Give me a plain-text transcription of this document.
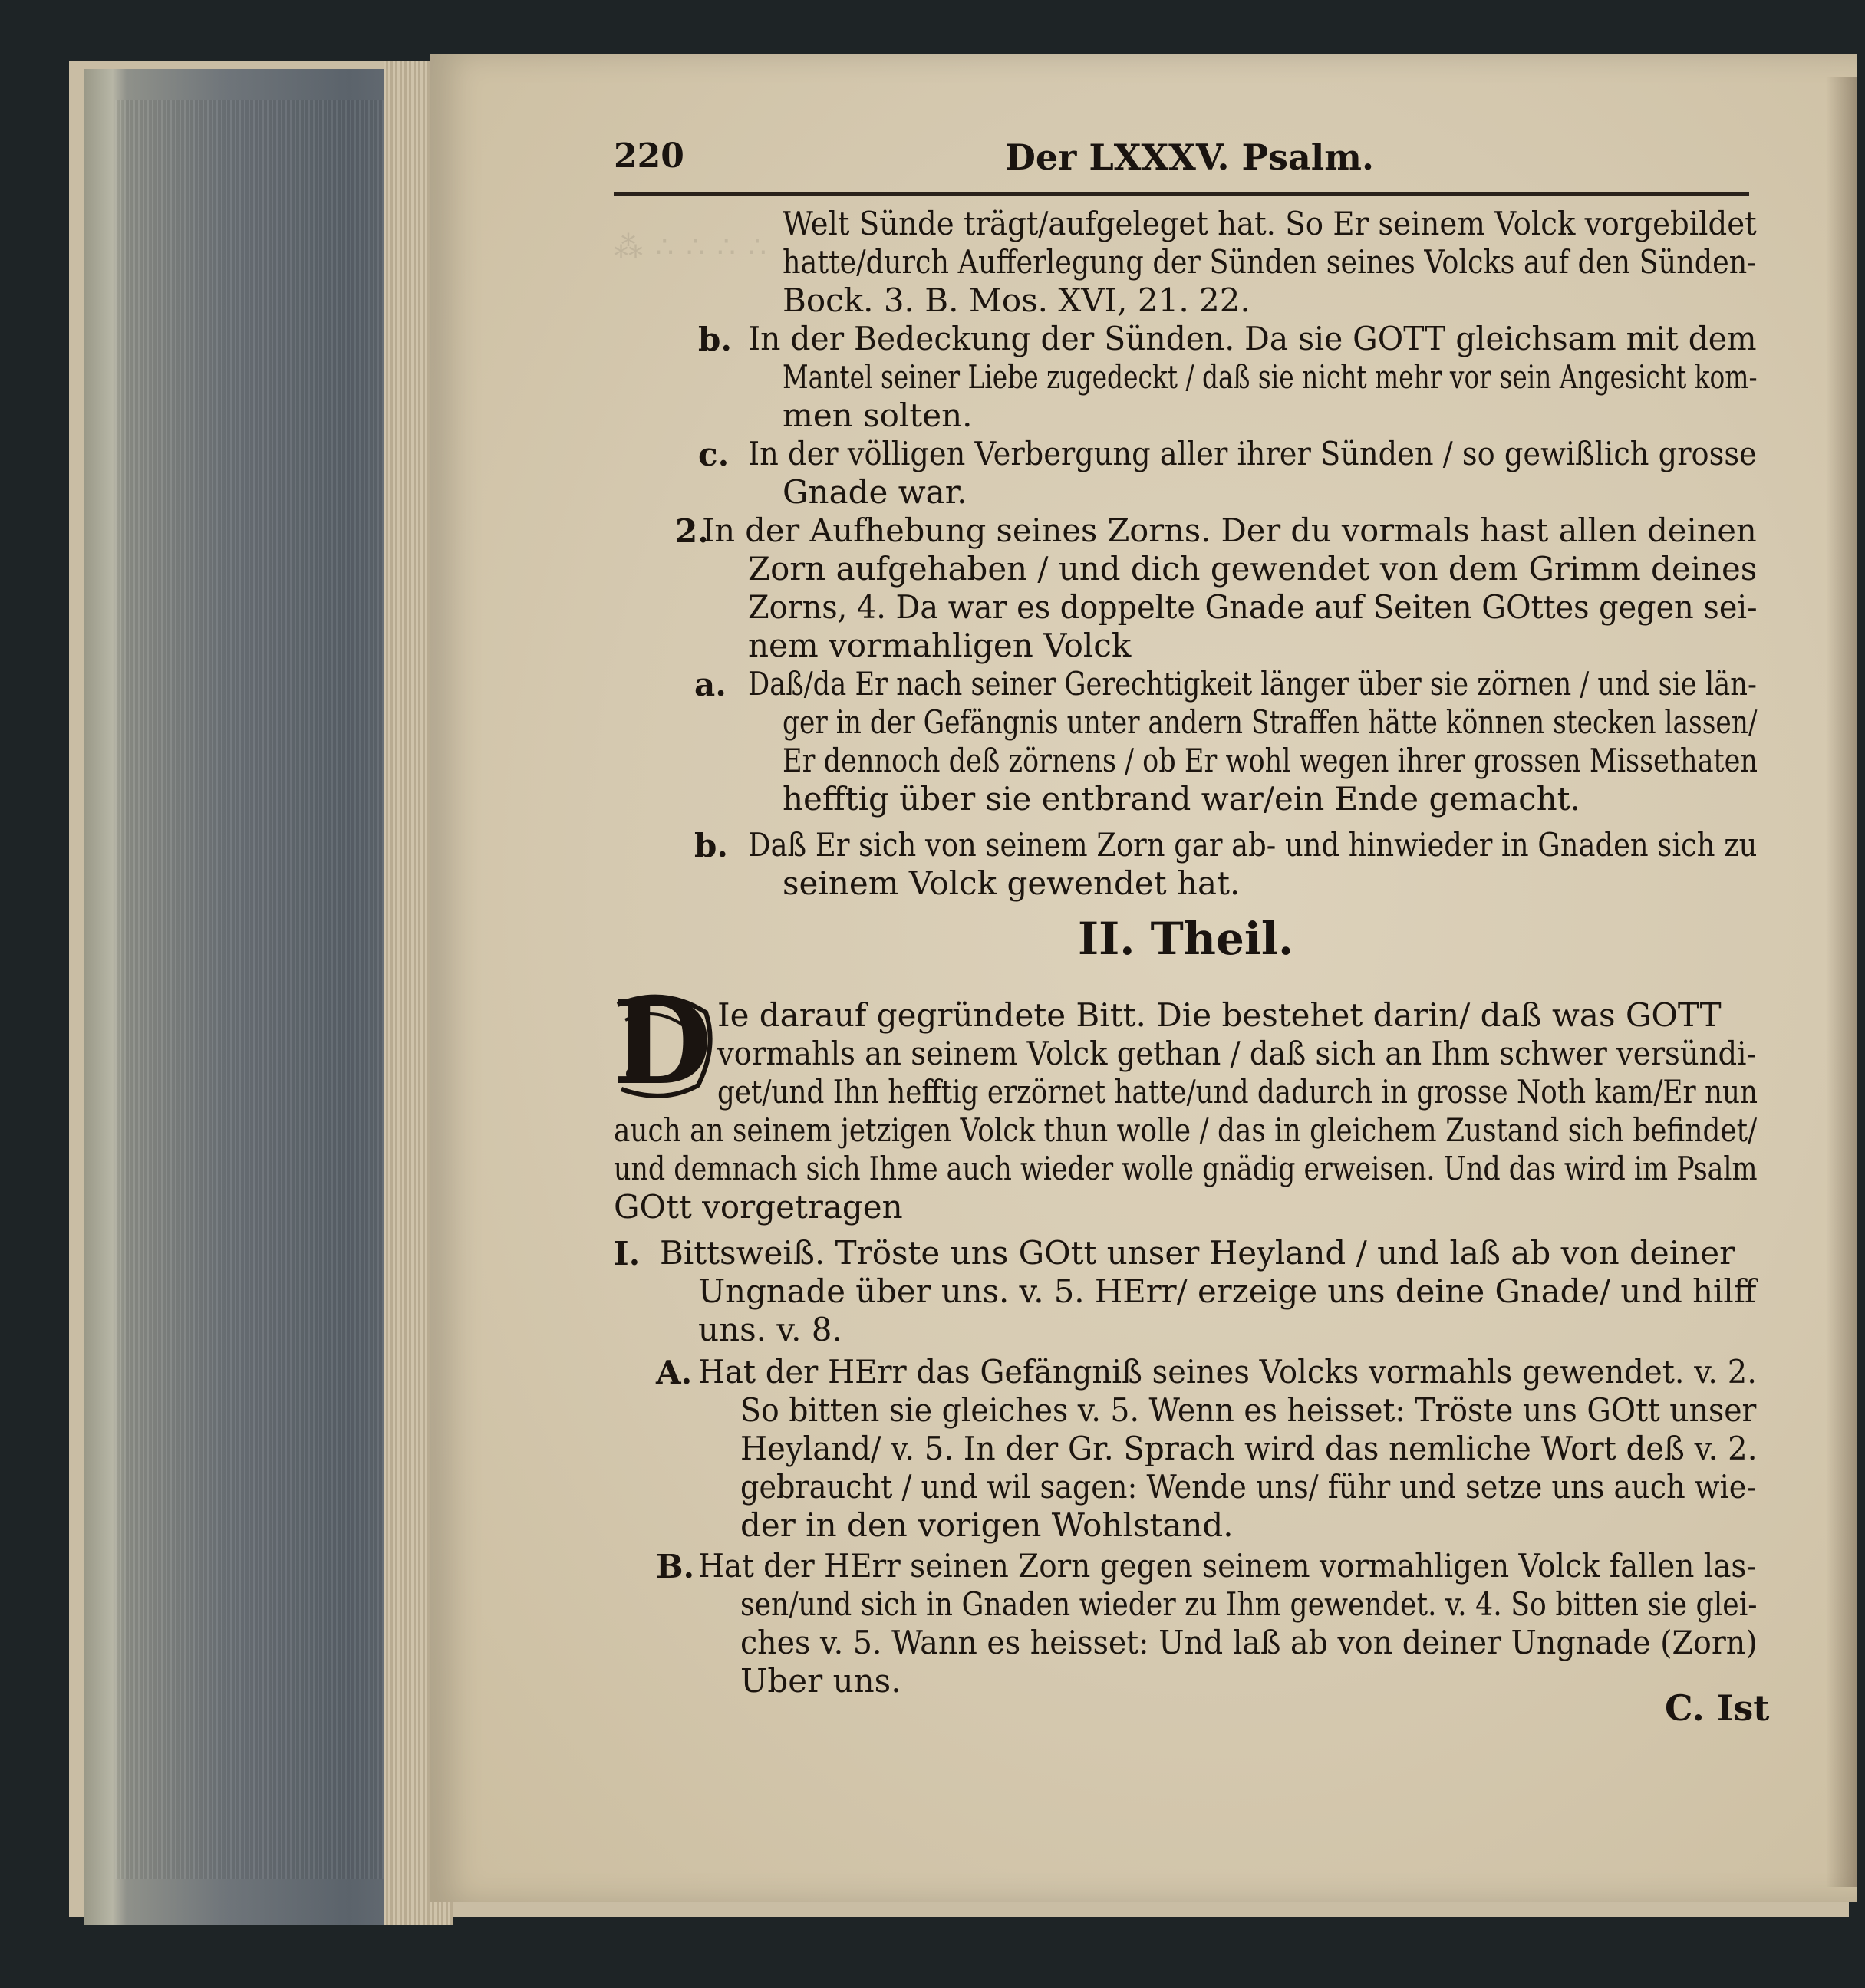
⁂ ∴ ∴ ∴ ∴
220	Der LXXXV. Psalm.
Welt Sünde trägt/aufgeleget hat. So Er seinem Volck vorgebildet
hatte/durch Aufferlegung der Sünden seines Volcks auf den Sünden-
Bock. 3. B. Mos. XVI, 21. 22.
b. In der Bedeckung der Sünden. Da sie GOTT gleichsam mit dem
Mantel seiner Liebe zugedeckt / daß sie nicht mehr vor sein Angesicht kom-
men solten.
c. In der völligen Verbergung aller ihrer Sünden / so gewißlich grosse
Gnade war.
2.
In der Aufhebung seines Zorns. Der du vormals hast allen deinen
Zorn aufgehaben / und dich gewendet von dem Grimm deines
Zorns, 4. Da war es doppelte Gnade auf Seiten GOttes gegen sei-
nem vormahligen Volck
a. Daß/da Er nach seiner Gerechtigkeit länger über sie zörnen / und sie län-
ger in der Gefängnis unter andern Straffen hätte können stecken lassen/
Er dennoch deß zörnens / ob Er wohl wegen ihrer grossen Missethaten
hefftig über sie entbrand war/ein Ende gemacht.
b. Daß Er sich von seinem Zorn gar ab- und hinwieder in Gnaden sich zu
seinem Volck gewendet hat.
II. Theil.
D Ie darauf gegründete Bitt. Die bestehet darin/ daß was GOTT
vormahls an seinem Volck gethan / daß sich an Ihm schwer versündi-
get/und Ihn hefftig erzörnet hatte/und dadurch in grosse Noth kam/Er nun
auch an seinem jetzigen Volck thun wolle / das in gleichem Zustand sich befindet/
und demnach sich Ihme auch wieder wolle gnädig erweisen. Und das wird im Psalm
GOtt vorgetragen
I. Bittsweiß. Tröste uns GOtt unser Heyland / und laß ab von deiner
Ungnade über uns. v. 5. HErr/ erzeige uns deine Gnade/ und hilff
uns. v. 8.
A. Hat der HErr das Gefängniß seines Volcks vormahls gewendet. v. 2.
So bitten sie gleiches v. 5. Wenn es heisset: Tröste uns GOtt unser
Heyland/ v. 5. In der Gr. Sprach wird das nemliche Wort deß v. 2.
gebraucht / und wil sagen: Wende uns/ führ und setze uns auch wie-
der in den vorigen Wohlstand.
B. Hat der HErr seinen Zorn gegen seinem vormahligen Volck fallen las-
sen/und sich in Gnaden wieder zu Ihm gewendet. v. 4. So bitten sie glei-
ches v. 5. Wann es heisset: Und laß ab von deiner Ungnade (Zorn)
Uber uns.
C. Ist
